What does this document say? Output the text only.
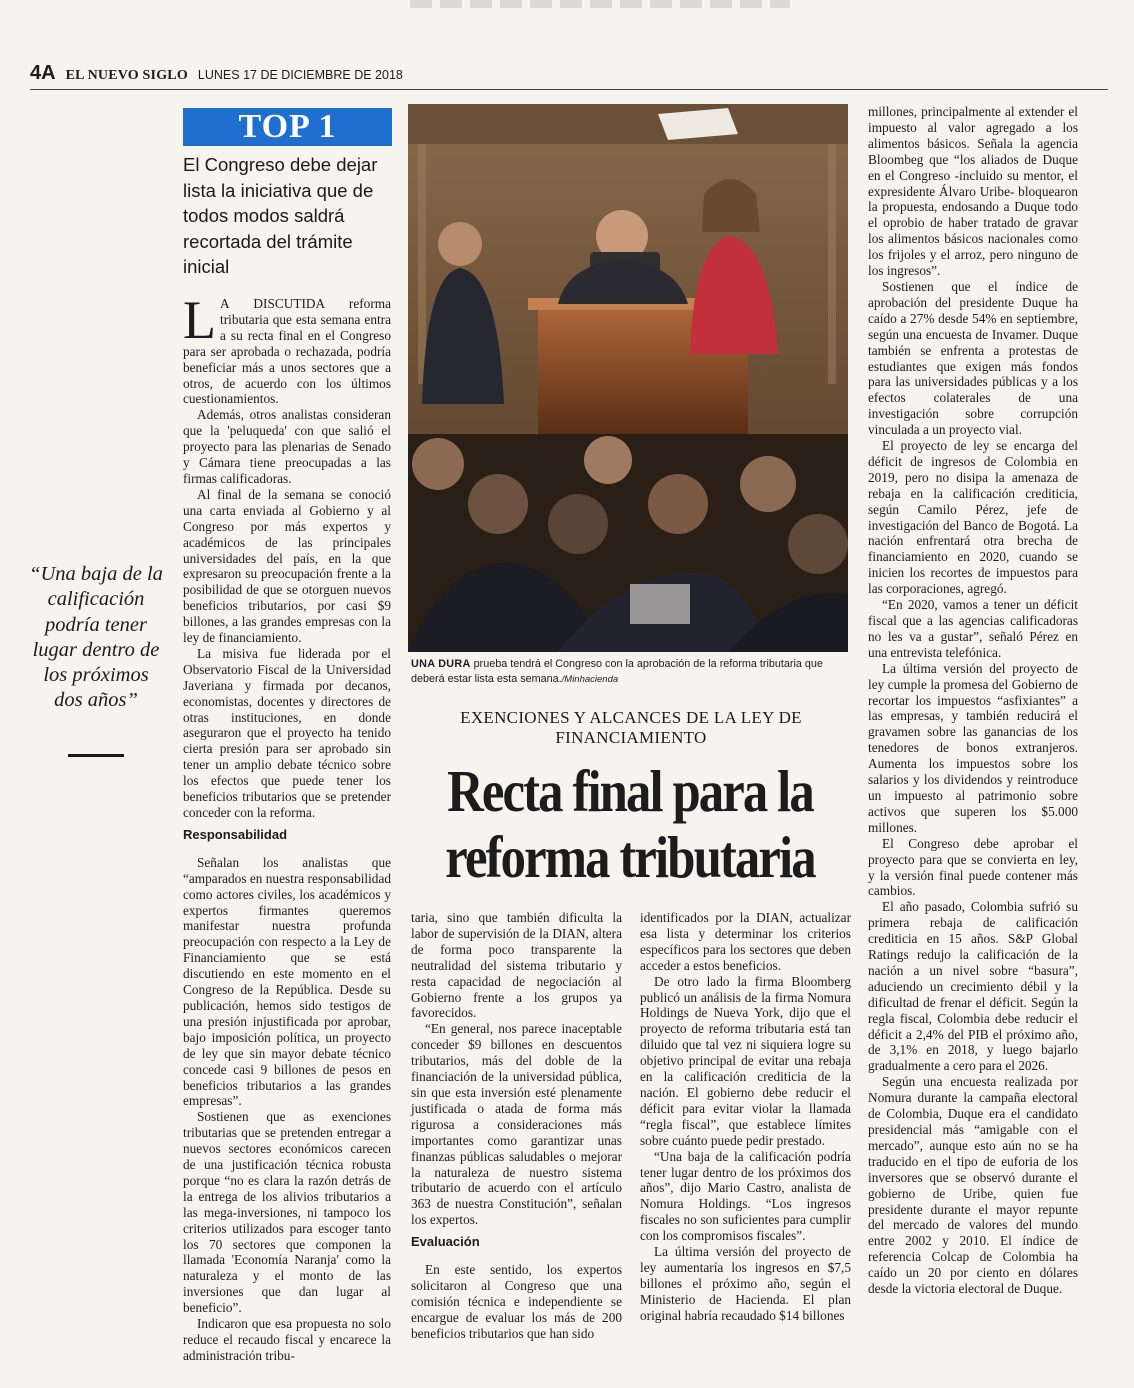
4A EL NUEVO SIGLO LUNES 17 DE DICIEMBRE DE 2018
TOP 1
El Congreso debe dejar lista la iniciativa que de todos modos saldrá recortada del trámite inicial

L A DISCUTIDA reforma tributaria que esta semana entra a su recta final en el Congreso para ser aprobada o rechazada, podría beneficiar más a unos sectores que a otros, de acuerdo con los últimos cuestionamientos.

Además, otros analistas consideran que la 'peluqueda' con que salió el proyecto para las plenarias de Senado y Cámara tiene preocupadas a las firmas calificadoras.

Al final de la semana se conoció una carta enviada al Gobierno y al Congreso por más expertos y académicos de las principales universidades del país, en la que expresaron su preocupación frente a la posibilidad de que se otorguen nuevos beneficios tributarios, por casi $9 billones, a las grandes empresas con la ley de financiamiento.

La misiva fue liderada por el Observatorio Fiscal de la Universidad Javeriana y firmada por decanos, economistas, docentes y directores de otras instituciones, en donde aseguraron que el proyecto ha tenido cierta presión para ser aprobado sin tener un amplio debate técnico sobre los efectos que puede tener los beneficios tributarios que se pretender conceder con la reforma.

Responsabilidad

Señalan los analistas que “amparados en nuestra responsabilidad como actores civiles, los académicos y expertos firmantes queremos manifestar nuestra profunda preocupación con respecto a la Ley de Financiamiento que se está discutiendo en este momento en el Congreso de la República. Desde su publicación, hemos sido testigos de una presión injustificada por aprobar, bajo imposición política, un proyecto de ley que sin mayor debate técnico concede casi 9 billones de pesos en beneficios tributarios a las grandes empresas”.

Sostienen que as exenciones tributarias que se pretenden entregar a nuevos sectores económicos carecen de una justificación técnica robusta porque “no es clara la razón detrás de la entrega de los alivios tributarios a las mega-inversiones, ni tampoco los criterios utilizados para escoger tanto los 70 sectores que componen la llamada 'Economía Naranja' como la naturaleza y el monto de las inversiones que dan lugar al beneficio”.

Indicaron que esa propuesta no solo reduce el recaudo fiscal y encarece la administración tribu-

“Una baja de la calificación podría tener lugar dentro de los próximos dos años”
UNA DURA prueba tendrá el Congreso con la aprobación de la reforma tributaria que deberá estar lista esta semana./Minhacienda
EXENCIONES Y ALCANCES DE LA LEY DE FINANCIAMIENTO
Recta final para la reforma tributaria

taria, sino que también dificulta la labor de supervisión de la DIAN, altera de forma poco transparente la neutralidad del sistema tributario y resta capacidad de negociación al Gobierno frente a los grupos ya favorecidos.

“En general, nos parece inaceptable conceder $9 billones en descuentos tributarios, más del doble de la financiación de la universidad pública, sin que esta inversión esté plenamente justificada o atada de forma más rigurosa a consideraciones más importantes como garantizar unas finanzas públicas saludables o mejorar la naturaleza de nuestro sistema tributario de acuerdo con el artículo 363 de nuestra Constitución”, señalan los expertos.

Evaluación

En este sentido, los expertos solicitaron al Congreso que una comisión técnica e independiente se encargue de evaluar los más de 200 beneficios tributarios que han sido

identificados por la DIAN, actualizar esa lista y determinar los criterios específicos para los sectores que deben acceder a estos beneficios.

De otro lado la firma Bloomberg publicó un análisis de la firma Nomura Holdings de Nueva York, dijo que el proyecto de reforma tributaria está tan diluido que tal vez ni siquiera logre su objetivo principal de evitar una rebaja en la calificación crediticia de la nación. El gobierno debe reducir el déficit para evitar violar la llamada “regla fiscal”, que establece límites sobre cuánto puede pedir prestado.

“Una baja de la calificación podría tener lugar dentro de los próximos dos años”, dijo Mario Castro, analista de Nomura Holdings. “Los ingresos fiscales no son suficientes para cumplir con los compromisos fiscales”.

La última versión del proyecto de ley aumentaría los ingresos en $7,5 billones el próximo año, según el Ministerio de Hacienda. El plan original habría recaudado $14 billones

millones, principalmente al extender el impuesto al valor agregado a los alimentos básicos. Señala la agencia Bloombeg que “los aliados de Duque en el Congreso -incluido su mentor, el expresidente Álvaro Uribe- bloquearon la propuesta, endosando a Duque todo el oprobio de haber tratado de gravar los alimentos básicos nacionales como los frijoles y el arroz, pero ninguno de los ingresos”.

Sostienen que el índice de aprobación del presidente Duque ha caído a 27% desde 54% en septiembre, según una encuesta de Invamer. Duque también se enfrenta a protestas de estudiantes que exigen más fondos para las universidades públicas y a los efectos colaterales de una investigación sobre corrupción vinculada a un proyecto vial.

El proyecto de ley se encarga del déficit de ingresos de Colombia en 2019, pero no disipa la amenaza de rebaja en la calificación crediticia, según Camilo Pérez, jefe de investigación del Banco de Bogotá. La nación enfrentará otra brecha de financiamiento en 2020, cuando se inicien los recortes de impuestos para las corporaciones, agregó.

“En 2020, vamos a tener un déficit fiscal que a las agencias calificadoras no les va a gustar”, señaló Pérez en una entrevista telefónica.

La última versión del proyecto de ley cumple la promesa del Gobierno de recortar los impuestos “asfixiantes” a las empresas, y también reducirá el gravamen sobre las ganancias de los tenedores de bonos extranjeros. Aumenta los impuestos sobre los salarios y los dividendos y reintroduce un impuesto al patrimonio sobre activos que superen los $5.000 millones.

El Congreso debe aprobar el proyecto para que se convierta en ley, y la versión final puede contener más cambios.

El año pasado, Colombia sufrió su primera rebaja de calificación crediticia en 15 años. S&P Global Ratings redujo la calificación de la nación a un nivel sobre “basura”, aduciendo un crecimiento débil y la dificultad de frenar el déficit. Según la regla fiscal, Colombia debe reducir el déficit a 2,4% del PIB el próximo año, de 3,1% en 2018, y luego bajarlo gradualmente a cero para el 2026.

Según una encuesta realizada por Nomura durante la campaña electoral de Colombia, Duque era el candidato presidencial más “amigable con el mercado”, aunque esto aún no se ha traducido en el tipo de euforia de los inversores que se observó durante el gobierno de Uribe, quien fue presidente durante el mayor repunte del mercado de valores del mundo entre 2002 y 2010. El índice de referencia Colcap de Colombia ha caído un 20 por ciento en dólares desde la victoria electoral de Duque.
